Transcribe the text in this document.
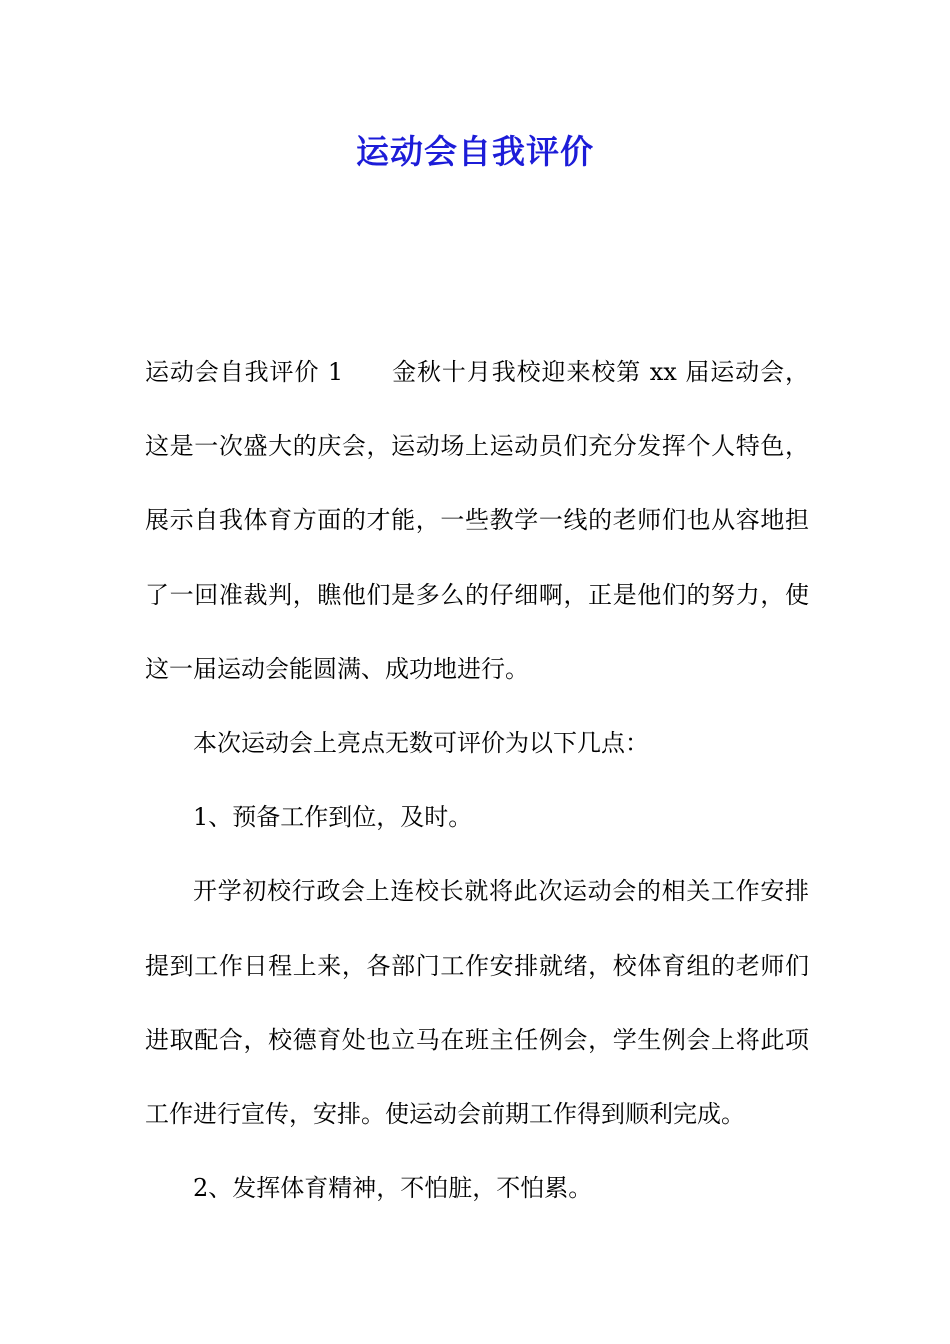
运动会自我评价

运动会自我评价 1 金秋十月我校迎来校第 xx 届运动会，这是一次盛大的庆会，运动场上运动员们充分发挥个人特色，展示自我体育方面的才能，一些教学一线的老师们也从容地担了一回准裁判，瞧他们是多么的仔细啊，正是他们的努力，使这一届运动会能圆满、成功地进行。

本次运动会上亮点无数可评价为以下几点：

1、预备工作到位，及时。

开学初校行政会上连校长就将此次运动会的相关工作安排提到工作日程上来，各部门工作安排就绪，校体育组的老师们进取配合，校德育处也立马在班主任例会，学生例会上将此项工作进行宣传，安排。使运动会前期工作得到顺利完成。

2、发挥体育精神，不怕脏，不怕累。
